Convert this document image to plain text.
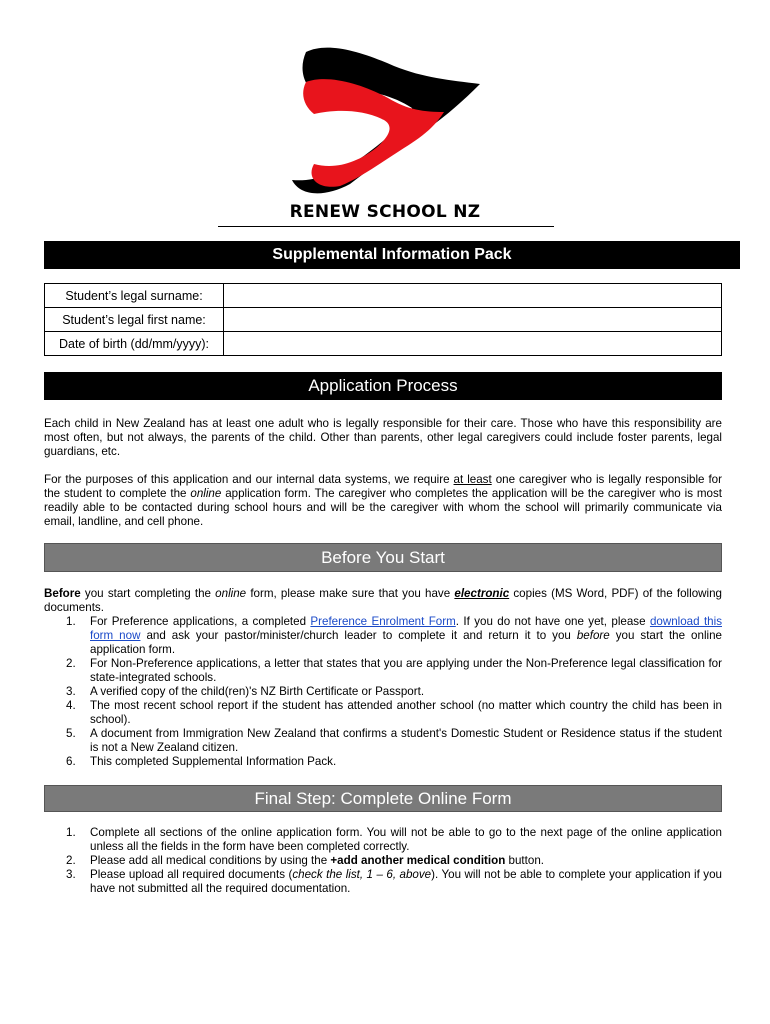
RENEW SCHOOL NZ
Supplemental Information Pack
Student’s legal surname:	
Student’s legal first name:	
Date of birth (dd/mm/yyyy):	
Application Process

Each child in New Zealand has at least one adult who is legally responsible for their care. Those who have this responsibility are most often, but not always, the parents of the child. Other than parents, other legal caregivers could include foster parents, legal guardians, etc.

For the purposes of this application and our internal data systems, we require at least one caregiver who is legally responsible for the student to complete the online application form. The caregiver who completes the application will be the caregiver who is most readily able to be contacted during school hours and will be the caregiver with whom the school will primarily communicate via email, landline, and cell phone.

Before You Start

Before you start completing the online form, please make sure that you have electronic copies (MS Word, PDF) of the following documents.

1. For Preference applications, a completed Preference Enrolment Form. If you do not have one yet, please download this form now and ask your pastor/minister/church leader to complete it and return it to you before you start the online application form.
2. For Non-Preference applications, a letter that states that you are applying under the Non-Preference legal classification for state-integrated schools.
3. A verified copy of the child(ren)'s NZ Birth Certificate or Passport.
4. The most recent school report if the student has attended another school (no matter which country the child has been in school).
5. A document from Immigration New Zealand that confirms a student's Domestic Student or Residence status if the student is not a New Zealand citizen.
6. This completed Supplemental Information Pack.
Final Step: Complete Online Form
1. Complete all sections of the online application form. You will not be able to go to the next page of the online application unless all the fields in the form have been completed correctly.
2. Please add all medical conditions by using the +add another medical condition button.
3. Please upload all required documents (check the list, 1 – 6, above). You will not be able to complete your application if you have not submitted all the required documentation.
